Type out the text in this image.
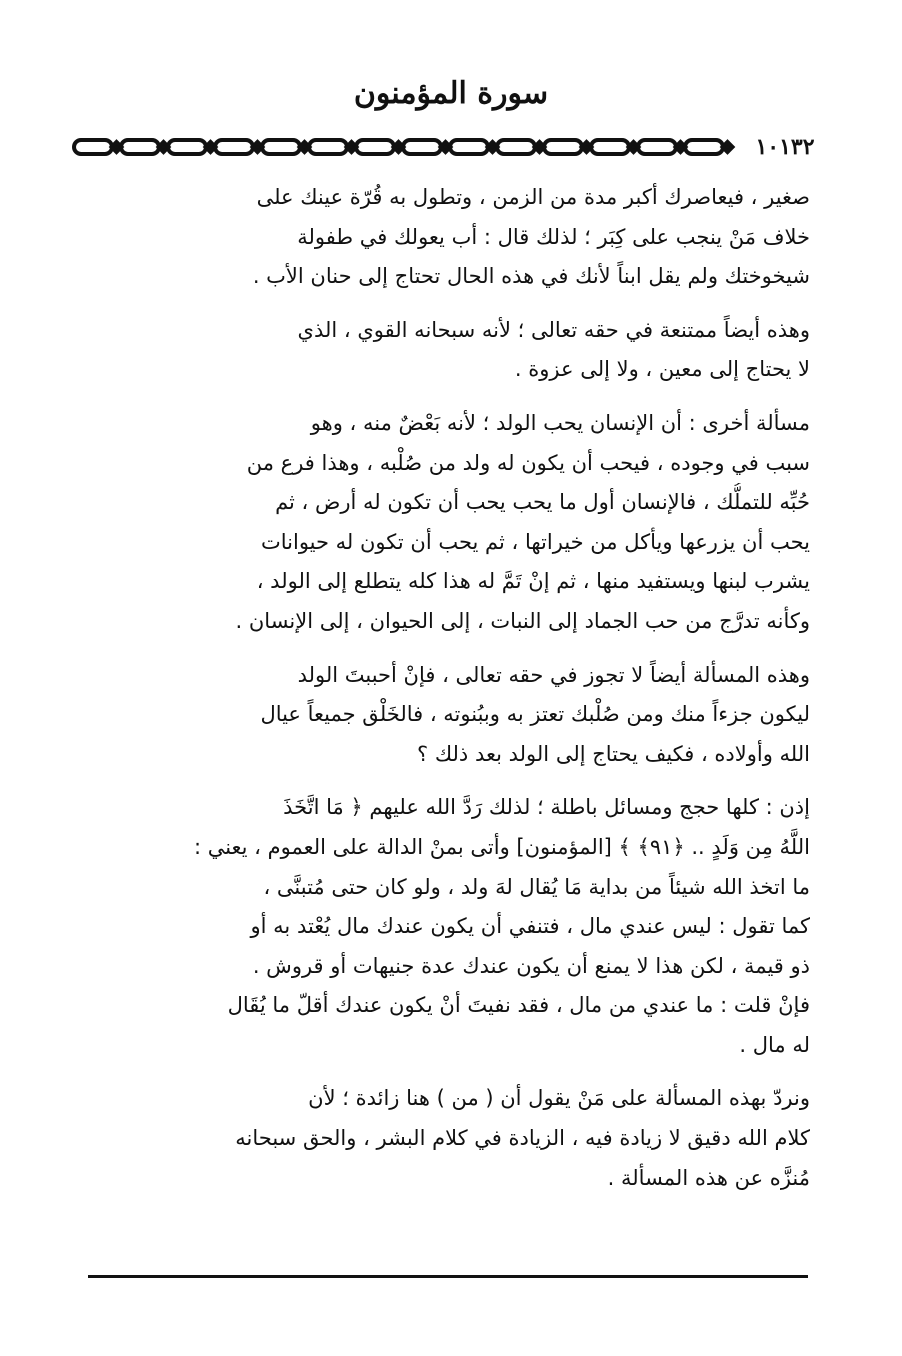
سورة المؤمنون
١٠١٣٢
صغير ، فيعاصرك أكبر مدة من الزمن ، وتطول به قُرّة عينك على
خلاف مَنْ ينجب على كِبَر ؛ لذلك قال : أب يعولك في طفولة
شيخوختك ولم يقل ابناً لأنك في هذه الحال تحتاج إلى حنان الأب .
وهذه أيضاً ممتنعة في حقه تعالى ؛ لأنه سبحانه القوي ، الذي
لا يحتاج إلى معين ، ولا إلى عزوة .
مسألة أخرى : أن الإنسان يحب الولد ؛ لأنه بَعْضٌ منه ، وهو
سبب في وجوده ، فيحب أن يكون له ولد من صُلْبه ، وهذا فرع من
حُبِّه للتملُّك ، فالإنسان أول ما يحب يحب أن تكون له أرض ، ثم
يحب أن يزرعها ويأكل من خيراتها ، ثم يحب أن تكون له حيوانات
يشرب لبنها ويستفيد منها ، ثم إنْ تَمَّ له هذا كله يتطلع إلى الولد ،
وكأنه تدرَّج من حب الجماد إلى النبات ، إلى الحيوان ، إلى الإنسان .
وهذه المسألة أيضاً لا تجوز في حقه تعالى ، فإنْ أحببتَ الولد
ليكون جزءاً منك ومن صُلْبك تعتز به وببُنوته ، فالخَلْق جميعاً عيال
الله وأولاده ، فكيف يحتاج إلى الولد بعد ذلك ؟
إذن : كلها حجج ومسائل باطلة ؛ لذلك رَدَّ الله عليهم ﴿ مَا اتَّخَذَ
اللَّهُ مِن وَلَدٍ .. ﴿٩١﴾ ﴾ [المؤمنون] وأتى بمنْ الدالة على العموم ، يعني :
ما اتخذ الله شيئاً من بداية مَا يُقال لهَ ولد ، ولو كان حتى مُتبنَّى ،
كما تقول : ليس عندي مال ، فتنفي أن يكون عندك مال يُعْتد به أو
ذو قيمة ، لكن هذا لا يمنع أن يكون عندك عدة جنيهات أو قروش .
فإنْ قلت : ما عندي من مال ، فقد نفيتَ أنْ يكون عندك أقلّ ما يُقَال
له مال .
ونردّ بهذه المسألة على مَنْ يقول أن ( من ) هنا زائدة ؛ لأن
كلام الله دقيق لا زيادة فيه ، الزيادة في كلام البشر ، والحق سبحانه
مُنزَّه عن هذه المسألة .
